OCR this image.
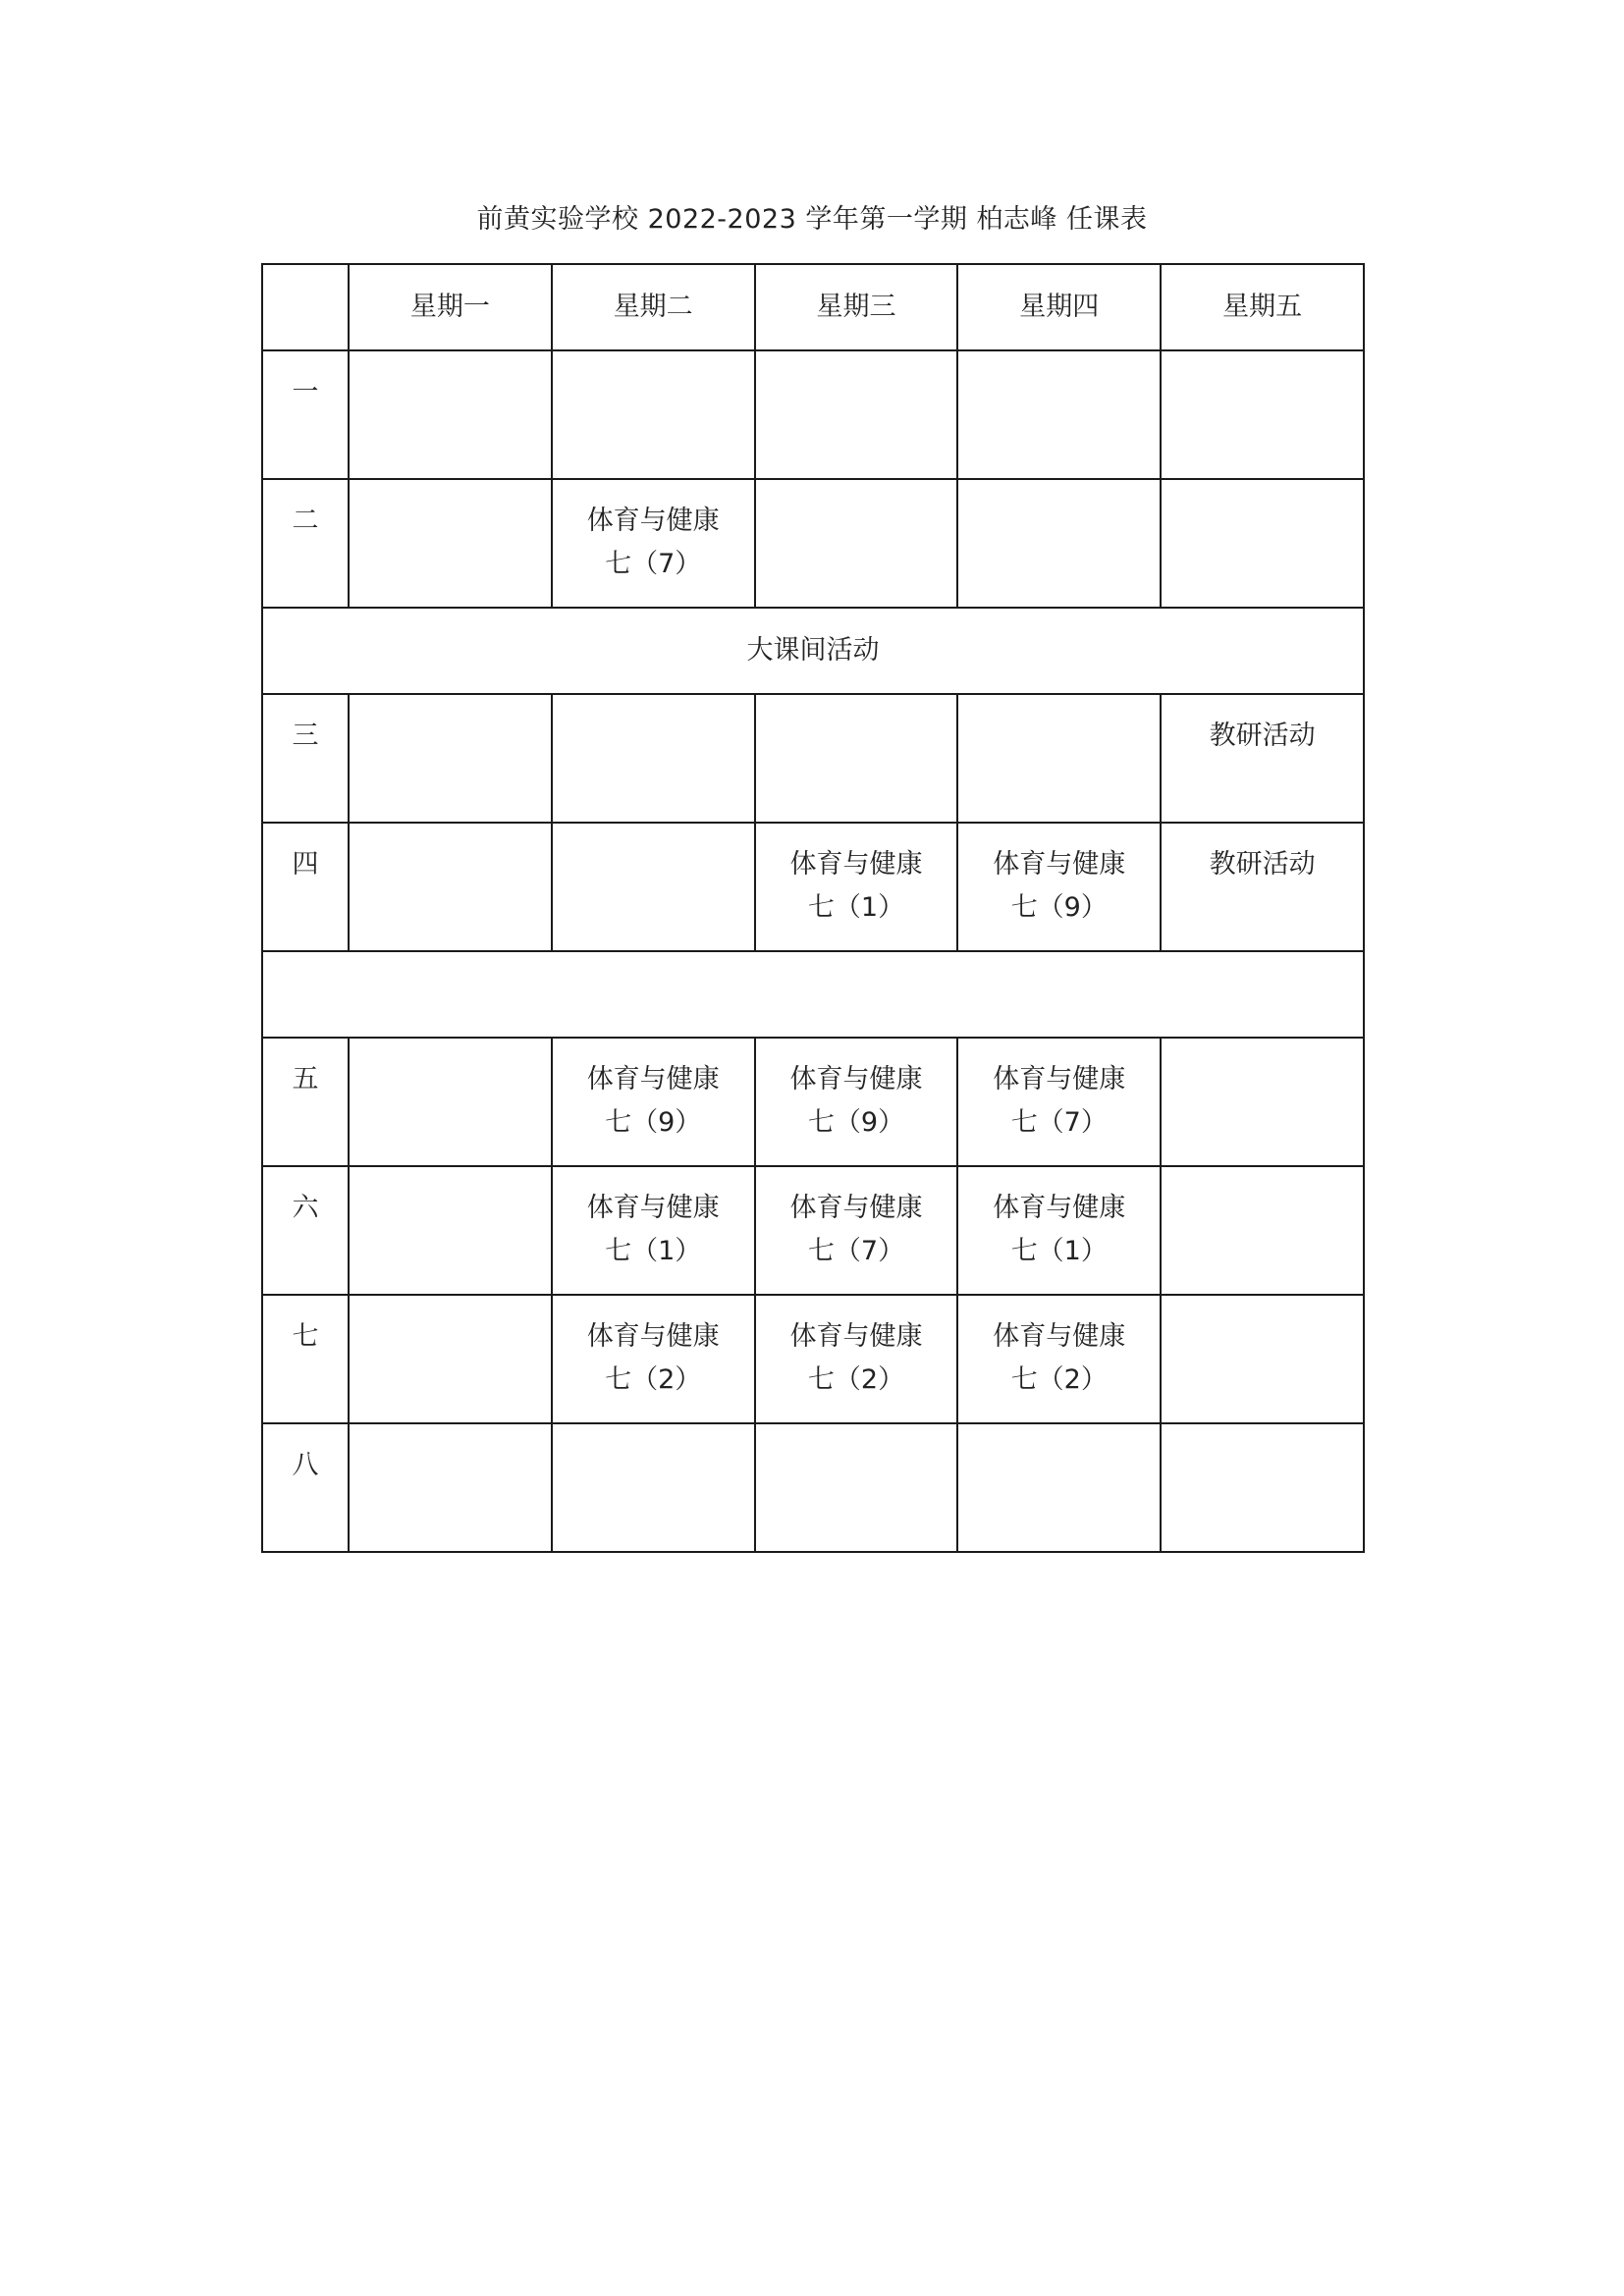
前黄实验学校 2022-2023 学年第一学期 柏志峰 任课表
	星期一	星期二	星期三	星期四	星期五
一	

二		体育与健康
七（7）			

大课间活动					
三					教研活动

四			体育与健康
七（1）	体育与健康
七（9）	教研活动

五		体育与健康
七（9）	体育与健康
七（9）	体育与健康
七（7）	

六		体育与健康
七（1）	体育与健康
七（7）	体育与健康
七（1）	

七		体育与健康
七（2）	体育与健康
七（2）	体育与健康
七（2）	

八	
